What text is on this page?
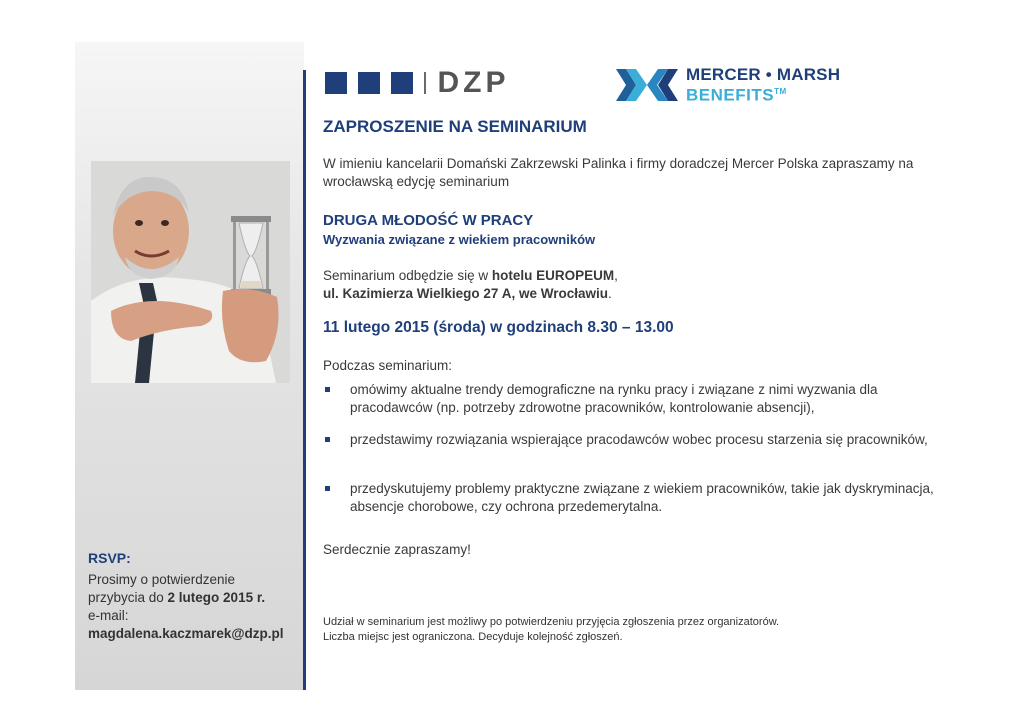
RSVP:
Prosimy o potwierdzenie
przybycia do 2 lutego 2015 r.
e-mail:
magdalena.kaczmarek@dzp.pl
DZP	MERCER • MARSH
BENEFITS™
ZAPROSZENIE NA SEMINARIUM
W imieniu kancelarii Domański Zakrzewski Palinka i firmy doradczej Mercer Polska zapraszamy na wrocławską edycję seminarium
DRUGA MŁODOŚĆ W PRACY
Wyzwania związane z wiekiem pracowników
Seminarium odbędzie się w hotelu EUROPEUM,
ul. Kazimierza Wielkiego 27 A, we Wrocławiu.
11 lutego 2015 (środa) w godzinach 8.30 – 13.00
Podczas seminarium:
omówimy aktualne trendy demograficzne na rynku pracy i związane z nimi wyzwania dla pracodawców (np. potrzeby zdrowotne pracowników, kontrolowanie absencji),
przedstawimy rozwiązania wspierające pracodawców wobec procesu starzenia się pracowników,
przedyskutujemy problemy praktyczne związane z wiekiem pracowników, takie jak dyskryminacja, absencje chorobowe, czy ochrona przedemerytalna.
Serdecznie zapraszamy!
Udział w seminarium jest możliwy po potwierdzeniu przyjęcia zgłoszenia przez organizatorów.
Liczba miejsc jest ograniczona. Decyduje kolejność zgłoszeń.
